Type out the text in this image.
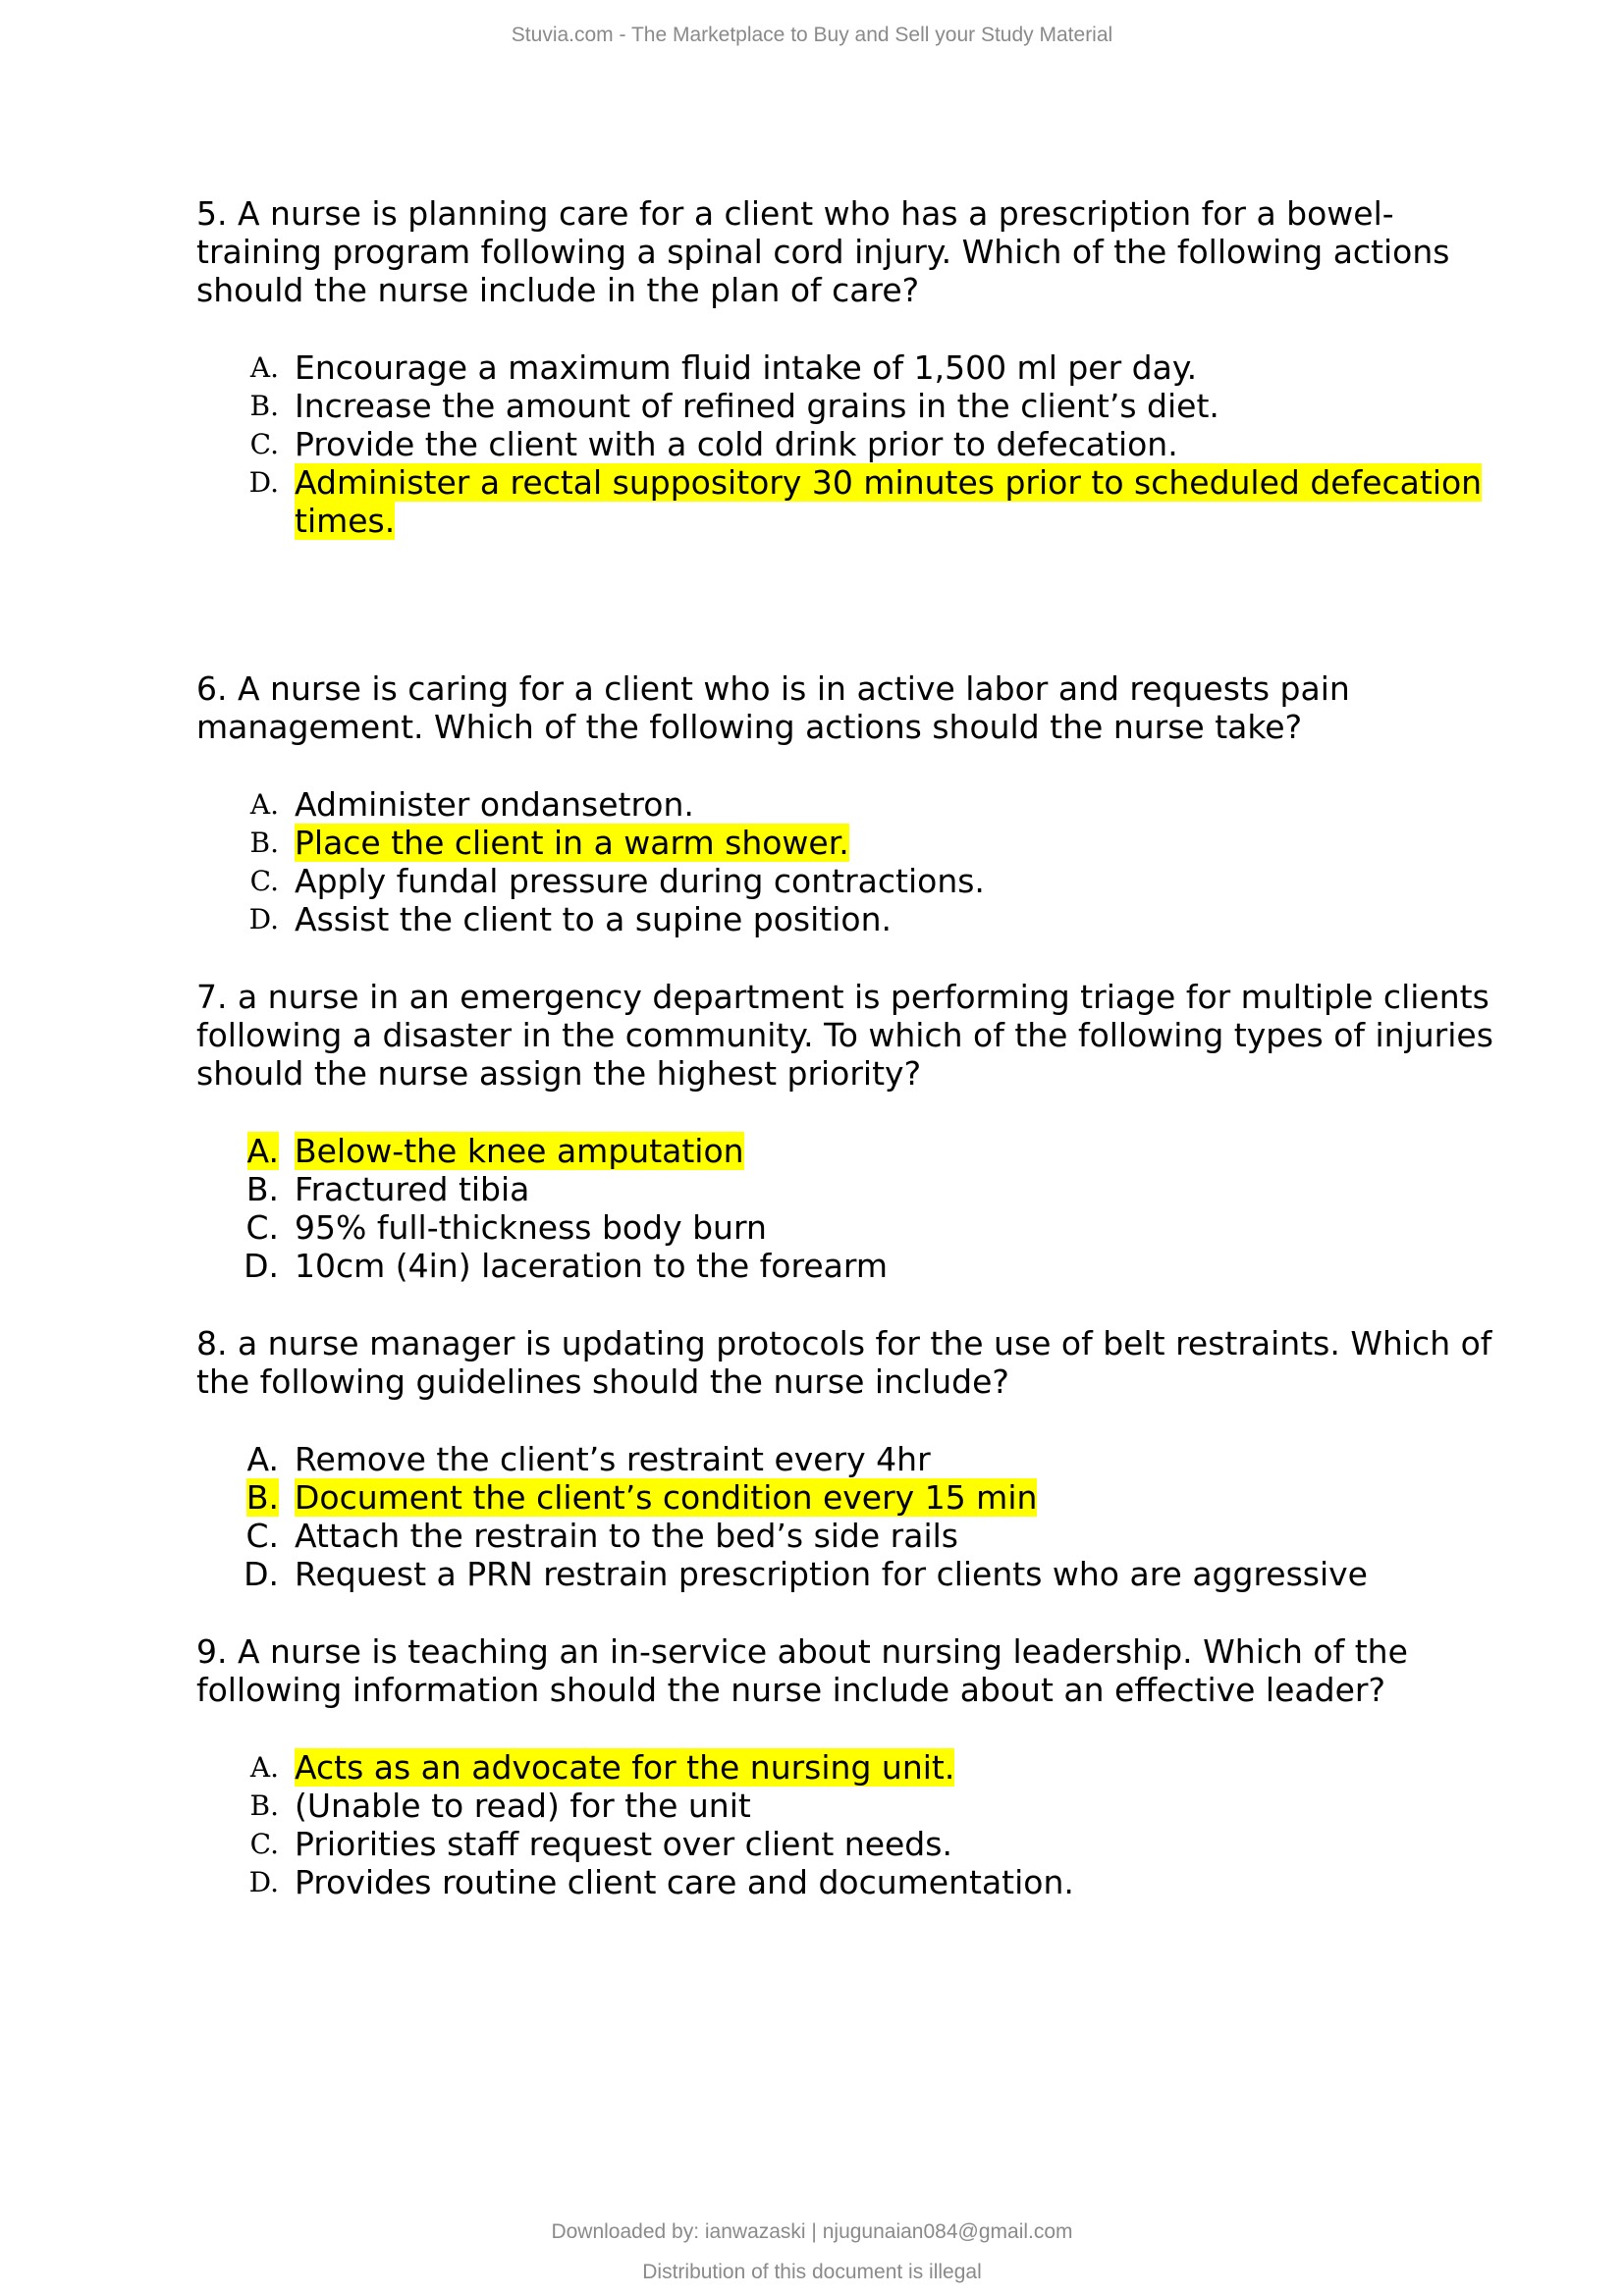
Stuvia.com - The Marketplace to Buy and Sell your Study Material

5. A nurse is planning care for a client who has a prescription for a bowel-training program following a spinal cord injury. Which of the following actions should the nurse include in the plan of care?

A. Encourage a maximum fluid intake of 1,500 ml per day.
B. Increase the amount of refined grains in the client’s diet.
C. Provide the client with a cold drink prior to defecation.
D. Administer a rectal suppository 30 minutes prior to scheduled defecation times.

6. A nurse is caring for a client who is in active labor and requests pain management. Which of the following actions should the nurse take?

A. Administer ondansetron.
B. Place the client in a warm shower.
C. Apply fundal pressure during contractions.
D. Assist the client to a supine position.

7. a nurse in an emergency department is performing triage for multiple clients following a disaster in the community. To which of the following types of injuries should the nurse assign the highest priority?

A. Below-the knee amputation
B. Fractured tibia
C. 95% full-thickness body burn
D. 10cm (4in) laceration to the forearm

8. a nurse manager is updating protocols for the use of belt restraints. Which of the following guidelines should the nurse include?

A. Remove the client’s restraint every 4hr
B. Document the client’s condition every 15 min
C. Attach the restrain to the bed’s side rails
D. Request a PRN restrain prescription for clients who are aggressive

9. A nurse is teaching an in-service about nursing leadership. Which of the following information should the nurse include about an effective leader?

A. Acts as an advocate for the nursing unit.
B. (Unable to read) for the unit
C. Priorities staff request over client needs.
D. Provides routine client care and documentation.
Downloaded by: ianwazaski | njugunaian084@gmail.com
Distribution of this document is illegal
